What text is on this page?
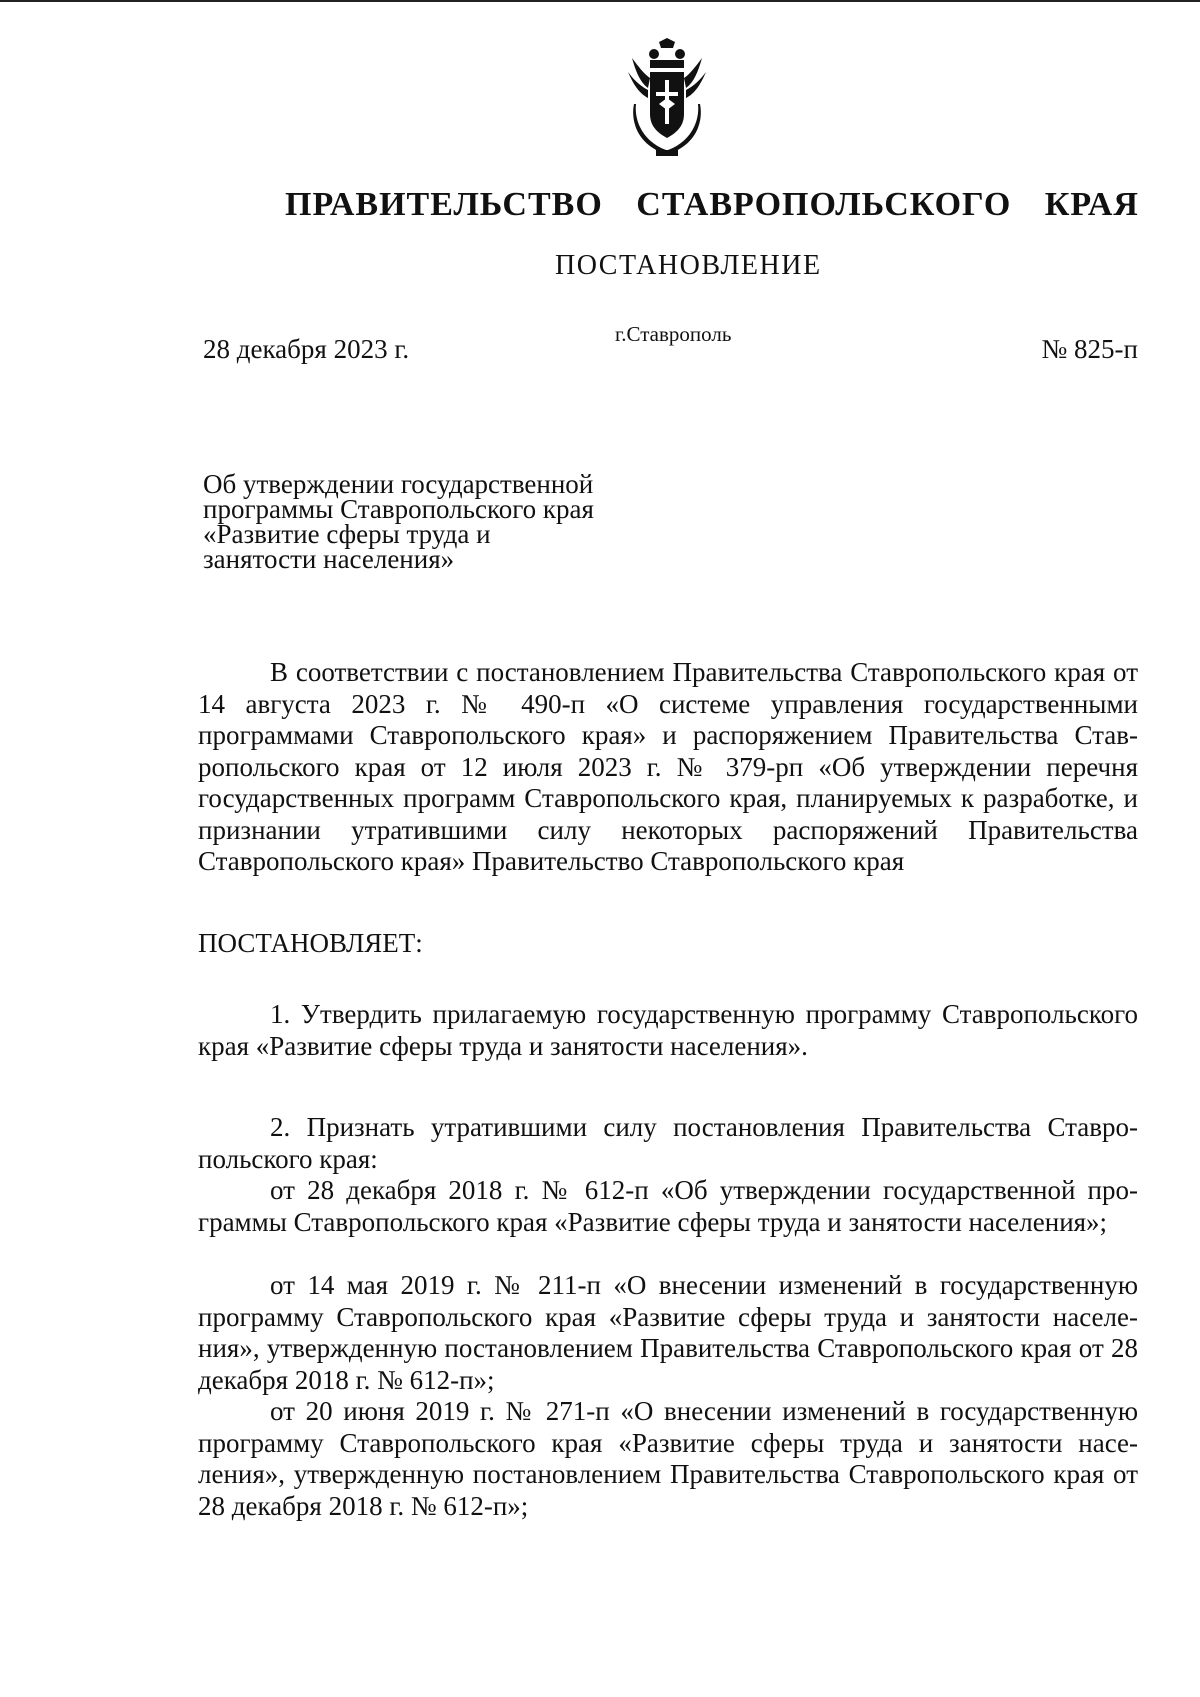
ПРАВИТЕЛЬСТВО СТАВРОПОЛЬСКОГО КРАЯ
ПОСТАНОВЛЕНИЕ
28 декабря 2023 г.	г.Ставрополь	№ 825-п
Об утверждении государственной
программы Ставропольского края
«Развитие сферы труда и
занятости населения»
В соответствии с постановлением Правительства Ставропольского края от 14 августа 2023 г. № 490-п «О системе управления государственными программами Ставропольского края» и распоряжением Правительства Ставропольского края от 12 июля 2023 г. № 379-рп «Об утверждении перечня государственных программ Ставропольского края, планируемых к разработке, и признании утратившими силу некоторых распоряжений Правительства Ставропольского края» Правительство Ставропольского края
ПОСТАНОВЛЯЕТ:
1. Утвердить прилагаемую государственную программу Ставропольского края «Развитие сферы труда и занятости населения».
2. Признать утратившими силу постановления Правительства Ставропольского края:
от 28 декабря 2018 г. № 612-п «Об утверждении государственной программы Ставропольского края «Развитие сферы труда и занятости населения»;
от 14 мая 2019 г. № 211-п «О внесении изменений в государственную программу Ставропольского края «Развитие сферы труда и занятости населения», утвержденную постановлением Правительства Ставропольского края от 28 декабря 2018 г. № 612-п»;
от 20 июня 2019 г. № 271-п «О внесении изменений в государственную программу Ставропольского края «Развитие сферы труда и занятости населения», утвержденную постановлением Правительства Ставропольского края от 28 декабря 2018 г. № 612-п»;
